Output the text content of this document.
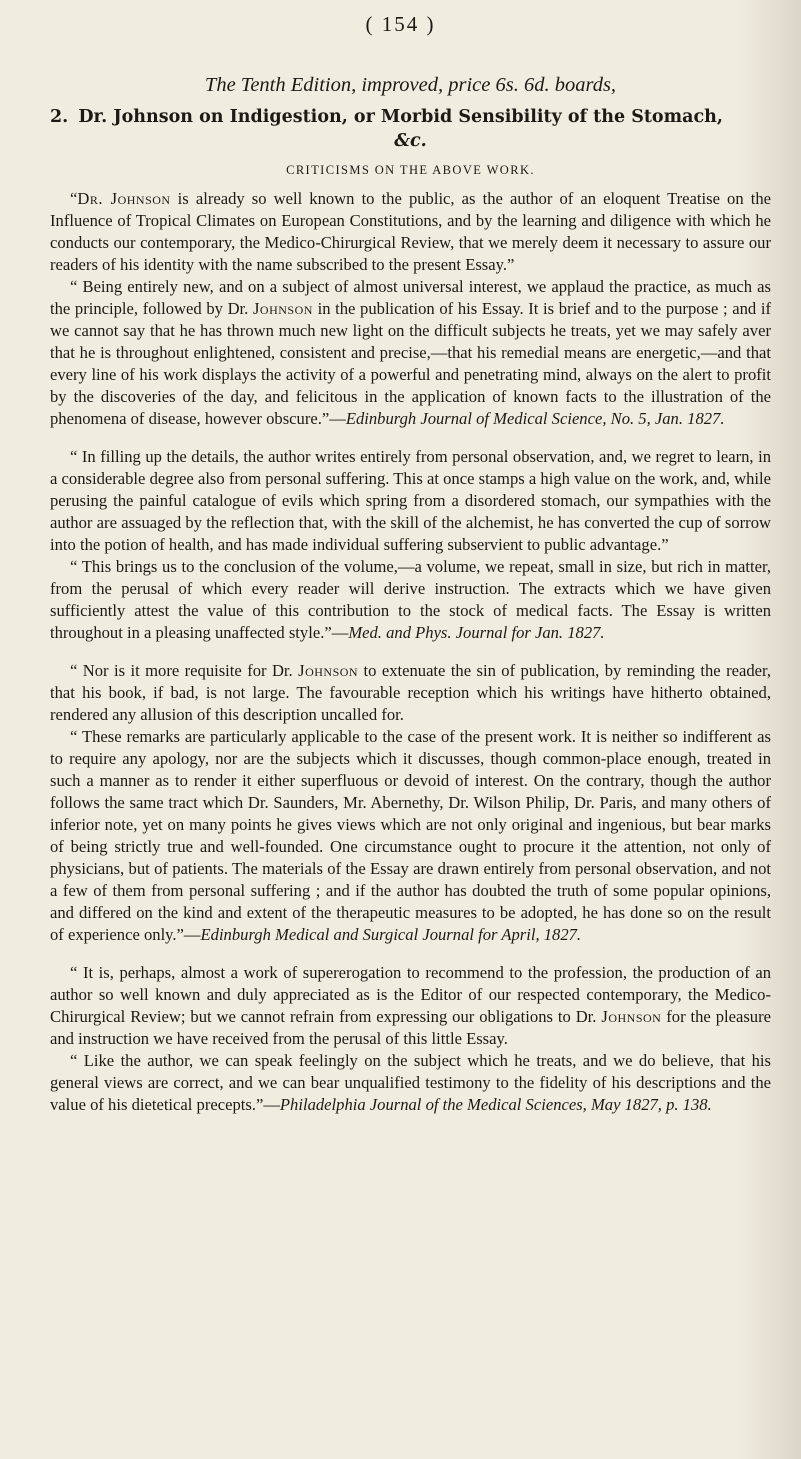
( 154 )
The Tenth Edition, improved, price 6s. 6d. boards,
2. Dr. Johnson on Indigestion, or Morbid Sensibility of the Stomach,
&c.
CRITICISMS ON THE ABOVE WORK.

“Dr. Johnson is already so well known to the public, as the author of an eloquent Treatise on the Influence of Tropical Climates on European Constitutions, and by the learning and diligence with which he conducts our contemporary, the Medico-Chirurgical Review, that we merely deem it necessary to assure our readers of his identity with the name subscribed to the present Essay.”

“ Being entirely new, and on a subject of almost universal interest, we applaud the practice, as much as the principle, followed by Dr. Johnson in the publication of his Essay. It is brief and to the purpose ; and if we cannot say that he has thrown much new light on the difficult subjects he treats, yet we may safely aver that he is throughout enlightened, consistent and precise,—that his remedial means are energetic,—and that every line of his work displays the activity of a powerful and penetrating mind, always on the alert to profit by the discoveries of the day, and felicitous in the application of known facts to the illustration of the phenomena of disease, however obscure.”—Edinburgh Journal of Medical Science, No. 5, Jan. 1827.

“ In filling up the details, the author writes entirely from personal observation, and, we regret to learn, in a considerable degree also from personal suffering. This at once stamps a high value on the work, and, while perusing the painful catalogue of evils which spring from a disordered stomach, our sympathies with the author are assuaged by the reflection that, with the skill of the alchemist, he has converted the cup of sorrow into the potion of health, and has made individual suffering subservient to public advantage.”

“ This brings us to the conclusion of the volume,—a volume, we repeat, small in size, but rich in matter, from the perusal of which every reader will derive instruction. The extracts which we have given sufficiently attest the value of this contribution to the stock of medical facts. The Essay is written throughout in a pleasing unaffected style.”—Med. and Phys. Journal for Jan. 1827.

“ Nor is it more requisite for Dr. Johnson to extenuate the sin of publication, by reminding the reader, that his book, if bad, is not large. The favourable reception which his writings have hitherto obtained, rendered any allusion of this description uncalled for.

“ These remarks are particularly applicable to the case of the present work. It is neither so indifferent as to require any apology, nor are the subjects which it discusses, though common-place enough, treated in such a manner as to render it either superfluous or devoid of interest. On the contrary, though the author follows the same tract which Dr. Saunders, Mr. Abernethy, Dr. Wilson Philip, Dr. Paris, and many others of inferior note, yet on many points he gives views which are not only original and ingenious, but bear marks of being strictly true and well-founded. One circumstance ought to procure it the attention, not only of physicians, but of patients. The materials of the Essay are drawn entirely from personal observation, and not a few of them from personal suffering ; and if the author has doubted the truth of some popular opinions, and differed on the kind and extent of the therapeutic measures to be adopted, he has done so on the result of experience only.”—Edinburgh Medical and Surgical Journal for April, 1827.

“ It is, perhaps, almost a work of supererogation to recommend to the profession, the production of an author so well known and duly appreciated as is the Editor of our respected contemporary, the Medico-Chirurgical Review; but we cannot refrain from expressing our obligations to Dr. Johnson for the pleasure and instruction we have received from the perusal of this little Essay.

“ Like the author, we can speak feelingly on the subject which he treats, and we do believe, that his general views are correct, and we can bear unqualified testimony to the fidelity of his descriptions and the value of his dietetical precepts.”—Philadelphia Journal of the Medical Sciences, May 1827, p. 138.
